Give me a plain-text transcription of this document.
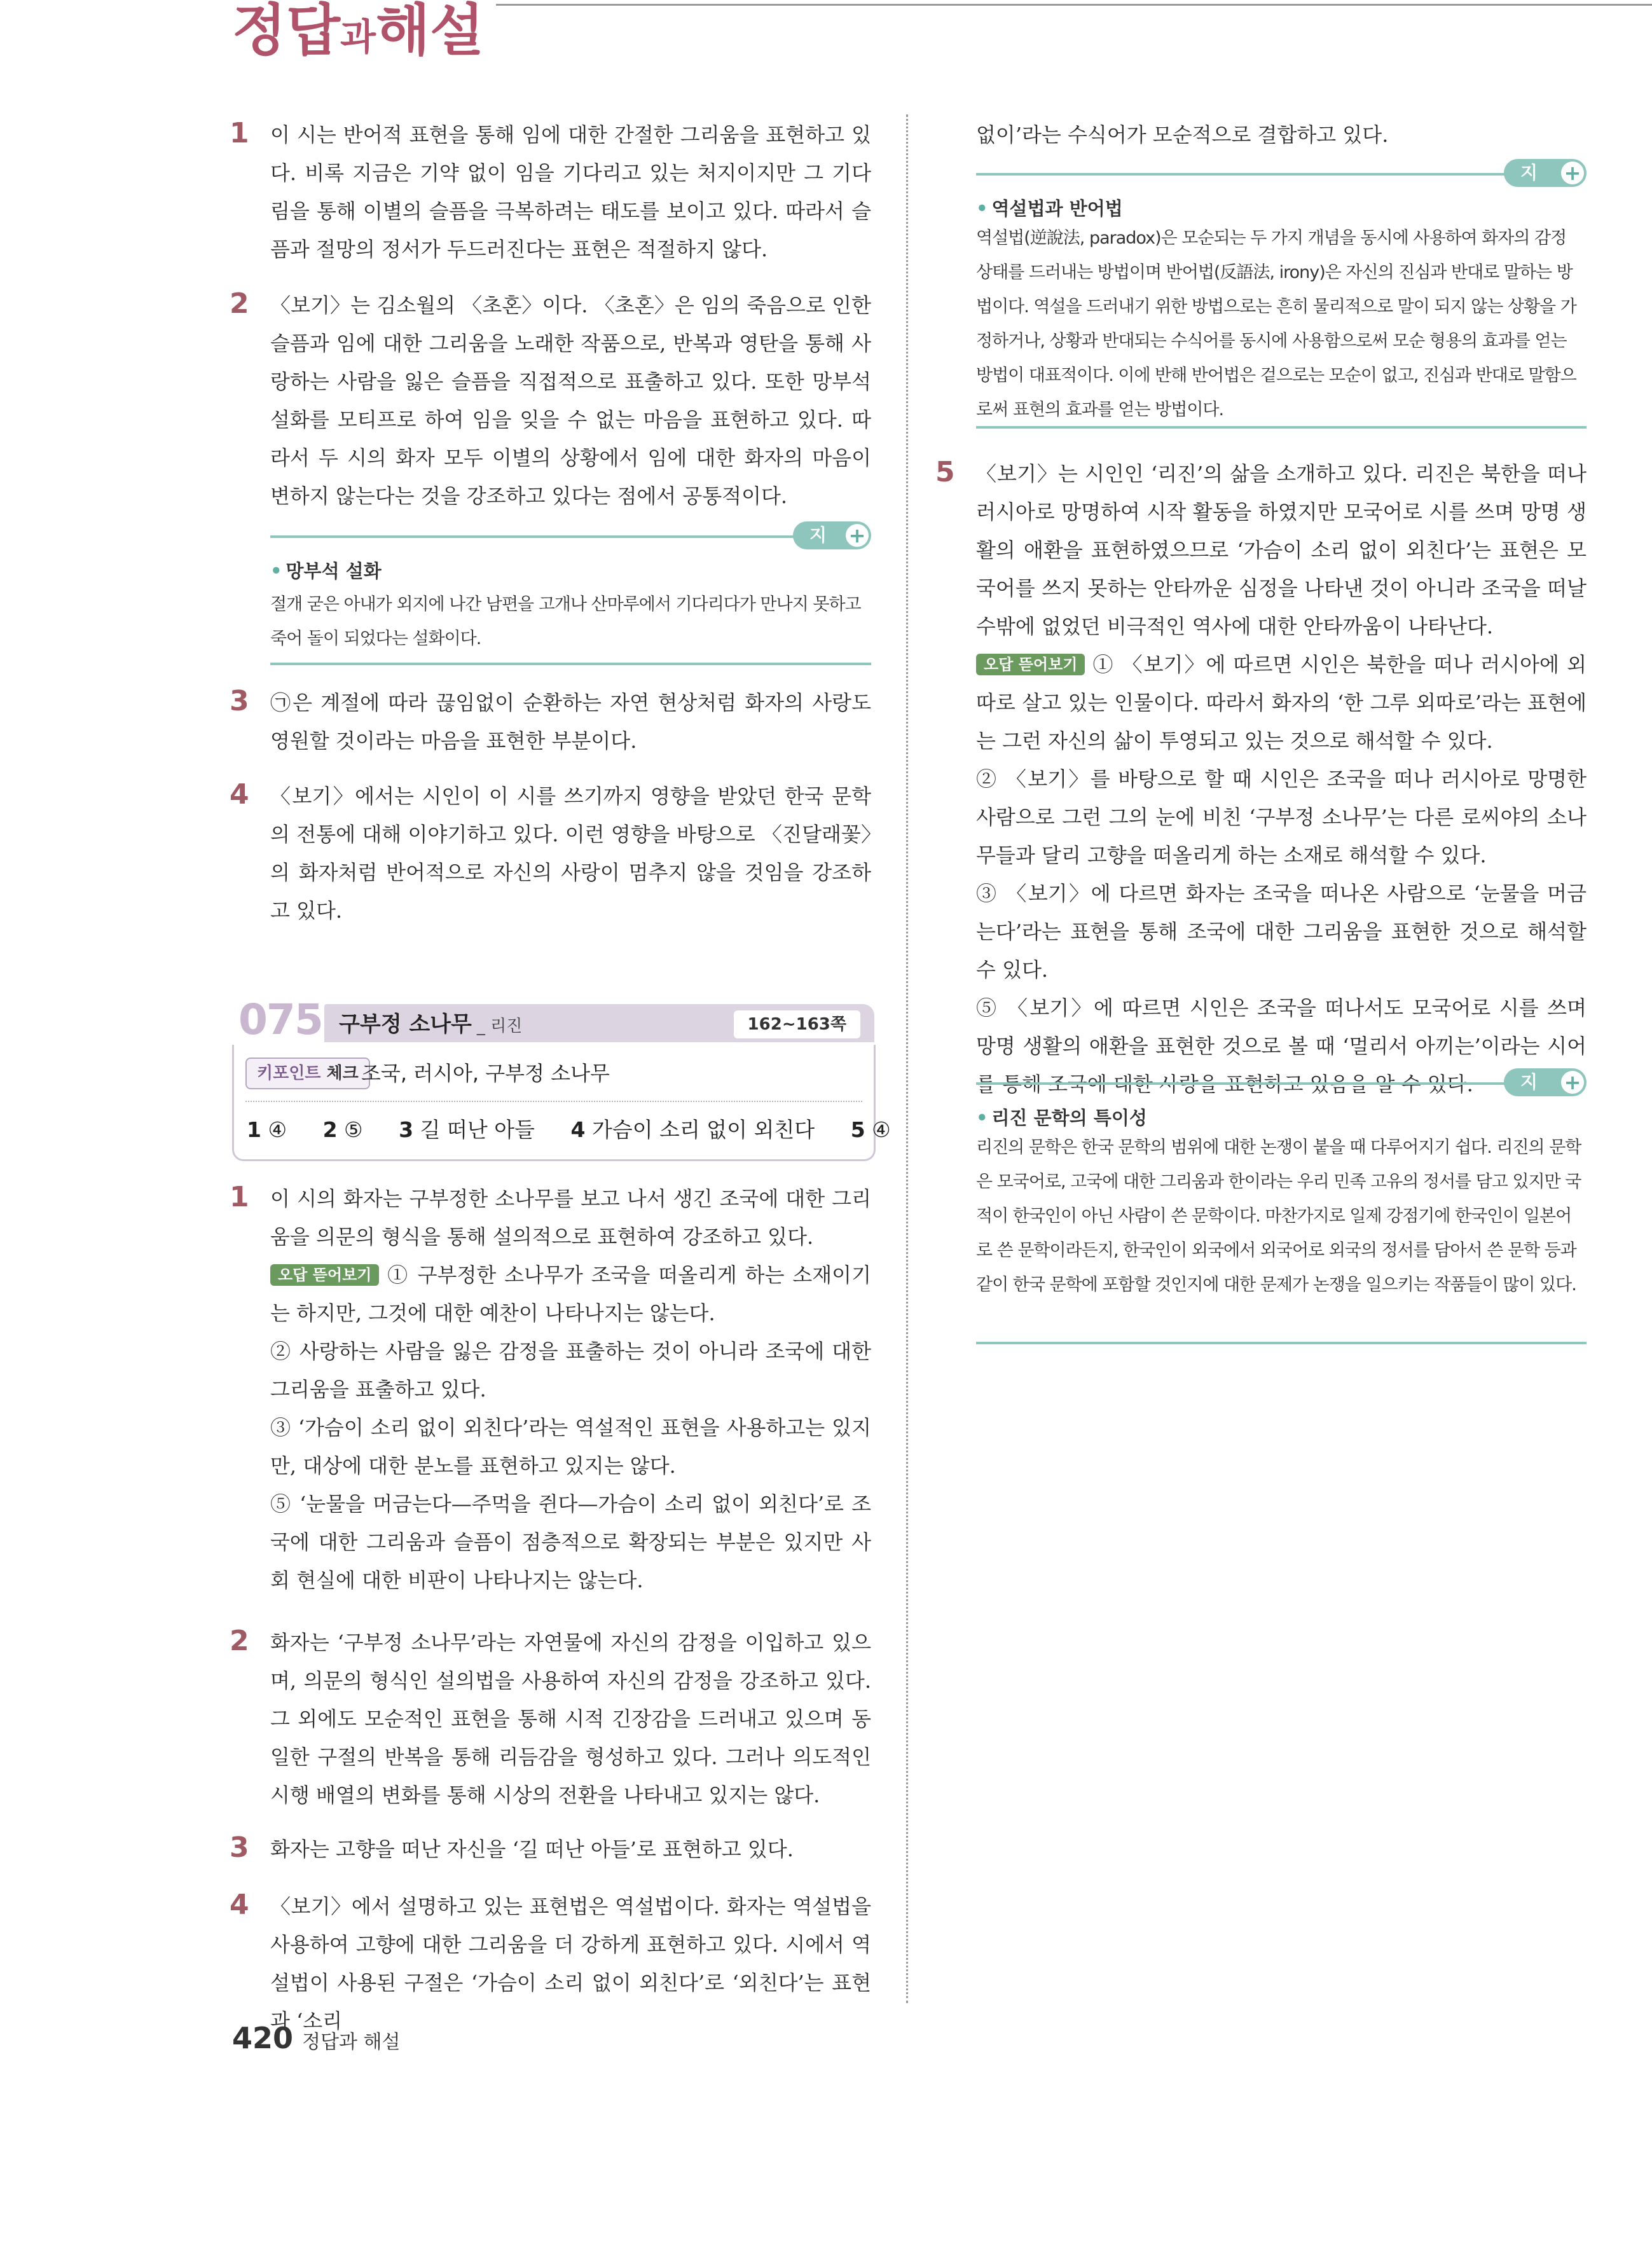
정답과해설
1 이 시는 반어적 표현을 통해 임에 대한 간절한 그리움을 표현하고 있다. 비록 지금은 기약 없이 임을 기다리고 있는 처지이지만 그 기다림을 통해 이별의 슬픔을 극복하려는 태도를 보이고 있다. 따라서 슬픔과 절망의 정서가 두드러진다는 표현은 적절하지 않다.

2 〈보기〉는 김소월의 〈초혼〉이다. 〈초혼〉은 임의 죽음으로 인한 슬픔과 임에 대한 그리움을 노래한 작품으로, 반복과 영탄을 통해 사랑하는 사람을 잃은 슬픔을 직접적으로 표출하고 있다. 또한 망부석 설화를 모티프로 하여 임을 잊을 수 없는 마음을 표현하고 있다. 따라서 두 시의 화자 모두 이별의 상황에서 임에 대한 화자의 마음이 변하지 않는다는 것을 강조하고 있다는 점에서 공통적이다.

지식
+
• 망부석 설화
절개 굳은 아내가 외지에 나간 남편을 고개나 산마루에서 기다리다가 만나지 못하고 죽어 돌이 되었다는 설화이다.
3 ㉠은 계절에 따라 끊임없이 순환하는 자연 현상처럼 화자의 사랑도 영원할 것이라는 마음을 표현한 부분이다.

4 〈보기〉에서는 시인이 이 시를 쓰기까지 영향을 받았던 한국 문학의 전통에 대해 이야기하고 있다. 이런 영향을 바탕으로 〈진달래꽃〉의 화자처럼 반어적으로 자신의 사랑이 멈추지 않을 것임을 강조하고 있다.

075 구부정 소나무 _ 리진	162~163쪽
키포인트 체크 조국, 러시아, 구부정 소나무
1 ④ 2 ⑤ 3 길 떠난 아들 4 가슴이 소리 없이 외친다 5 ④
1 이 시의 화자는 구부정한 소나무를 보고 나서 생긴 조국에 대한 그리움을 의문의 형식을 통해 설의적으로 표현하여 강조하고 있다.

오답 뜯어보기 ① 구부정한 소나무가 조국을 떠올리게 하는 소재이기는 하지만, 그것에 대한 예찬이 나타나지는 않는다.

② 사랑하는 사람을 잃은 감정을 표출하는 것이 아니라 조국에 대한 그리움을 표출하고 있다.

③ ‘가슴이 소리 없이 외친다’라는 역설적인 표현을 사용하고는 있지만, 대상에 대한 분노를 표현하고 있지는 않다.

⑤ ‘눈물을 머금는다—주먹을 쥔다—가슴이 소리 없이 외친다’로 조국에 대한 그리움과 슬픔이 점층적으로 확장되는 부분은 있지만 사회 현실에 대한 비판이 나타나지는 않는다.

2 화자는 ‘구부정 소나무’라는 자연물에 자신의 감정을 이입하고 있으며, 의문의 형식인 설의법을 사용하여 자신의 감정을 강조하고 있다. 그 외에도 모순적인 표현을 통해 시적 긴장감을 드러내고 있으며 동일한 구절의 반복을 통해 리듬감을 형성하고 있다. 그러나 의도적인 시행 배열의 변화를 통해 시상의 전환을 나타내고 있지는 않다.

3 화자는 고향을 떠난 자신을 ‘길 떠난 아들’로 표현하고 있다.

4 〈보기〉에서 설명하고 있는 표현법은 역설법이다. 화자는 역설법을 사용하여 고향에 대한 그리움을 더 강하게 표현하고 있다. 시에서 역설법이 사용된 구절은 ‘가슴이 소리 없이 외친다’로 ‘외친다’는 표현과 ‘소리

없이’라는 수식어가 모순적으로 결합하고 있다.

지식
+
• 역설법과 반어법
역설법(逆說法, paradox)은 모순되는 두 가지 개념을 동시에 사용하여 화자의 감정 상태를 드러내는 방법이며 반어법(反語法, irony)은 자신의 진심과 반대로 말하는 방법이다. 역설을 드러내기 위한 방법으로는 흔히 물리적으로 말이 되지 않는 상황을 가정하거나, 상황과 반대되는 수식어를 동시에 사용함으로써 모순 형용의 효과를 얻는 방법이 대표적이다. 이에 반해 반어법은 겉으로는 모순이 없고, 진심과 반대로 말함으로써 표현의 효과를 얻는 방법이다.
5 〈보기〉는 시인인 ‘리진’의 삶을 소개하고 있다. 리진은 북한을 떠나 러시아로 망명하여 시작 활동을 하였지만 모국어로 시를 쓰며 망명 생활의 애환을 표현하였으므로 ‘가슴이 소리 없이 외친다’는 표현은 모국어를 쓰지 못하는 안타까운 심정을 나타낸 것이 아니라 조국을 떠날 수밖에 없었던 비극적인 역사에 대한 안타까움이 나타난다.

오답 뜯어보기 ① 〈보기〉에 따르면 시인은 북한을 떠나 러시아에 외따로 살고 있는 인물이다. 따라서 화자의 ‘한 그루 외따로’라는 표현에는 그런 자신의 삶이 투영되고 있는 것으로 해석할 수 있다.

② 〈보기〉를 바탕으로 할 때 시인은 조국을 떠나 러시아로 망명한 사람으로 그런 그의 눈에 비친 ‘구부정 소나무’는 다른 로씨야의 소나무들과 달리 고향을 떠올리게 하는 소재로 해석할 수 있다.

③ 〈보기〉에 다르면 화자는 조국을 떠나온 사람으로 ‘눈물을 머금는다’라는 표현을 통해 조국에 대한 그리움을 표현한 것으로 해석할 수 있다.

⑤ 〈보기〉에 따르면 시인은 조국을 떠나서도 모국어로 시를 쓰며 망명 생활의 애환을 표현한 것으로 볼 때 ‘멀리서 아끼는’이라는 시어를 통해 조국에 대한 사랑을 표현하고 있음을 알 수 있다.	지식
+
• 리진 문학의 특이성
리진의 문학은 한국 문학의 범위에 대한 논쟁이 붙을 때 다루어지기 쉽다. 리진의 문학은 모국어로, 고국에 대한 그리움과 한이라는 우리 민족 고유의 정서를 담고 있지만 국적이 한국인이 아닌 사람이 쓴 문학이다. 마찬가지로 일제 강점기에 한국인이 일본어로 쓴 문학이라든지, 한국인이 외국에서 외국어로 외국의 정서를 담아서 쓴 문학 등과 같이 한국 문학에 포함할 것인지에 대한 문제가 논쟁을 일으키는 작품들이 많이 있다.
420 정답과 해설
